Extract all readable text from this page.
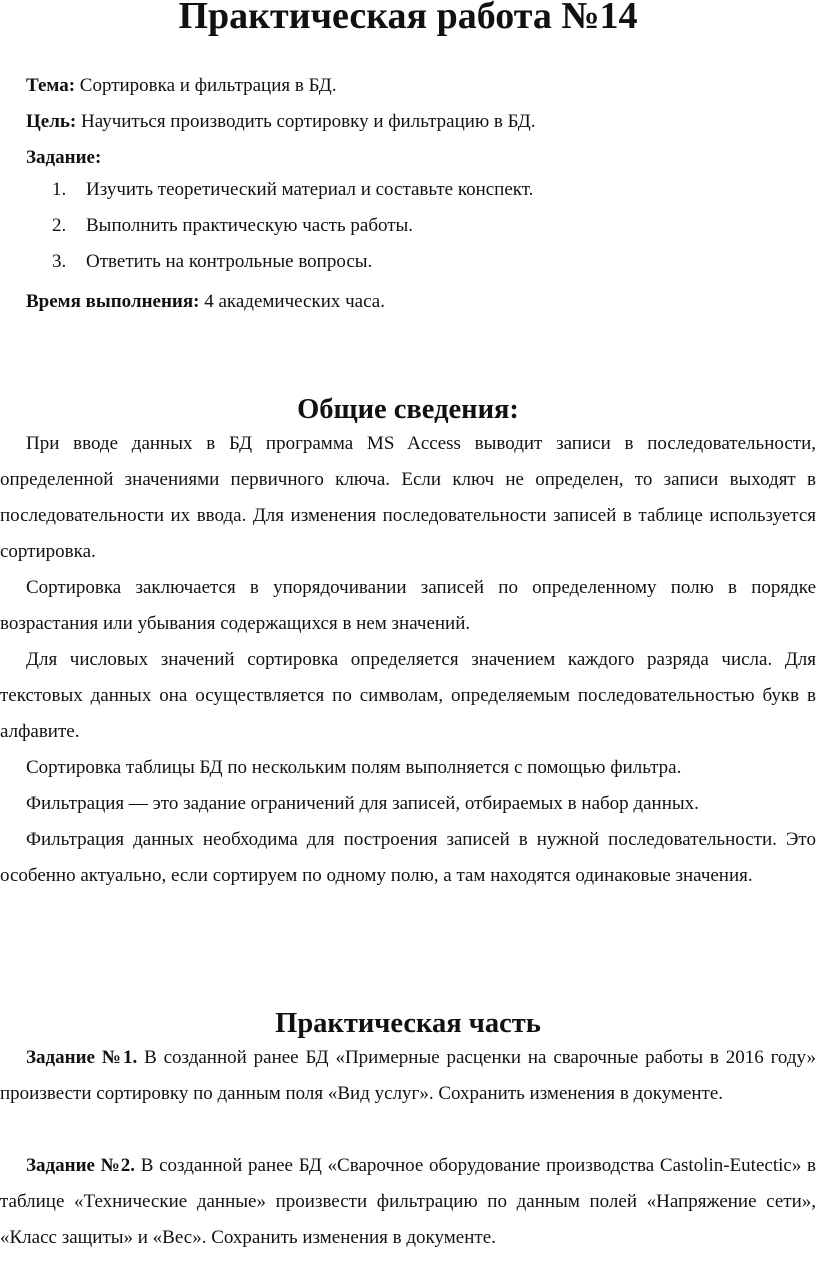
Практическая работа №14

Тема: Сортировка и фильтрация в БД.

Цель: Научиться производить сортировку и фильтрацию в БД.

Задание:

1.	Изучить теоретический материал и составьте конспект.
2.	Выполнить практическую часть работы.
3.	Ответить на контрольные вопросы.

Время выполнения: 4 академических часа.

Общие сведения:

При вводе данных в БД программа MS Access выводит записи в последовательности, определенной значениями первичного ключа. Если ключ не определен, то записи выходят в последовательности их ввода. Для изменения последовательности записей в таблице используется сортировка.

Сортировка заключается в упорядочивании записей по определенному полю в порядке возрастания или убывания содержащихся в нем значений.

Для числовых значений сортировка определяется значением каждого разряда числа. Для текстовых данных она осуществляется по символам, определяемым последовательностью букв в алфавите.

Сортировка таблицы БД по нескольким полям выполняется с помощью фильтра.

Фильтрация — это задание ограничений для записей, отбираемых в набор данных.

Фильтрация данных необходима для построения записей в нужной последовательности. Это особенно актуально, если сортируем по одному полю, а там находятся одинаковые значения.

Практическая часть

Задание №1. В созданной ранее БД «Примерные расценки на сварочные работы в 2016 году» произвести сортировку по данным поля «Вид услуг». Сохранить изменения в документе.

Задание №2. В созданной ранее БД «Сварочное оборудование производства Castolin-Eutectic» в таблице «Технические данные» произвести фильтрацию по данным полей «Напряжение сети», «Класс защиты» и «Вес». Сохранить изменения в документе.
